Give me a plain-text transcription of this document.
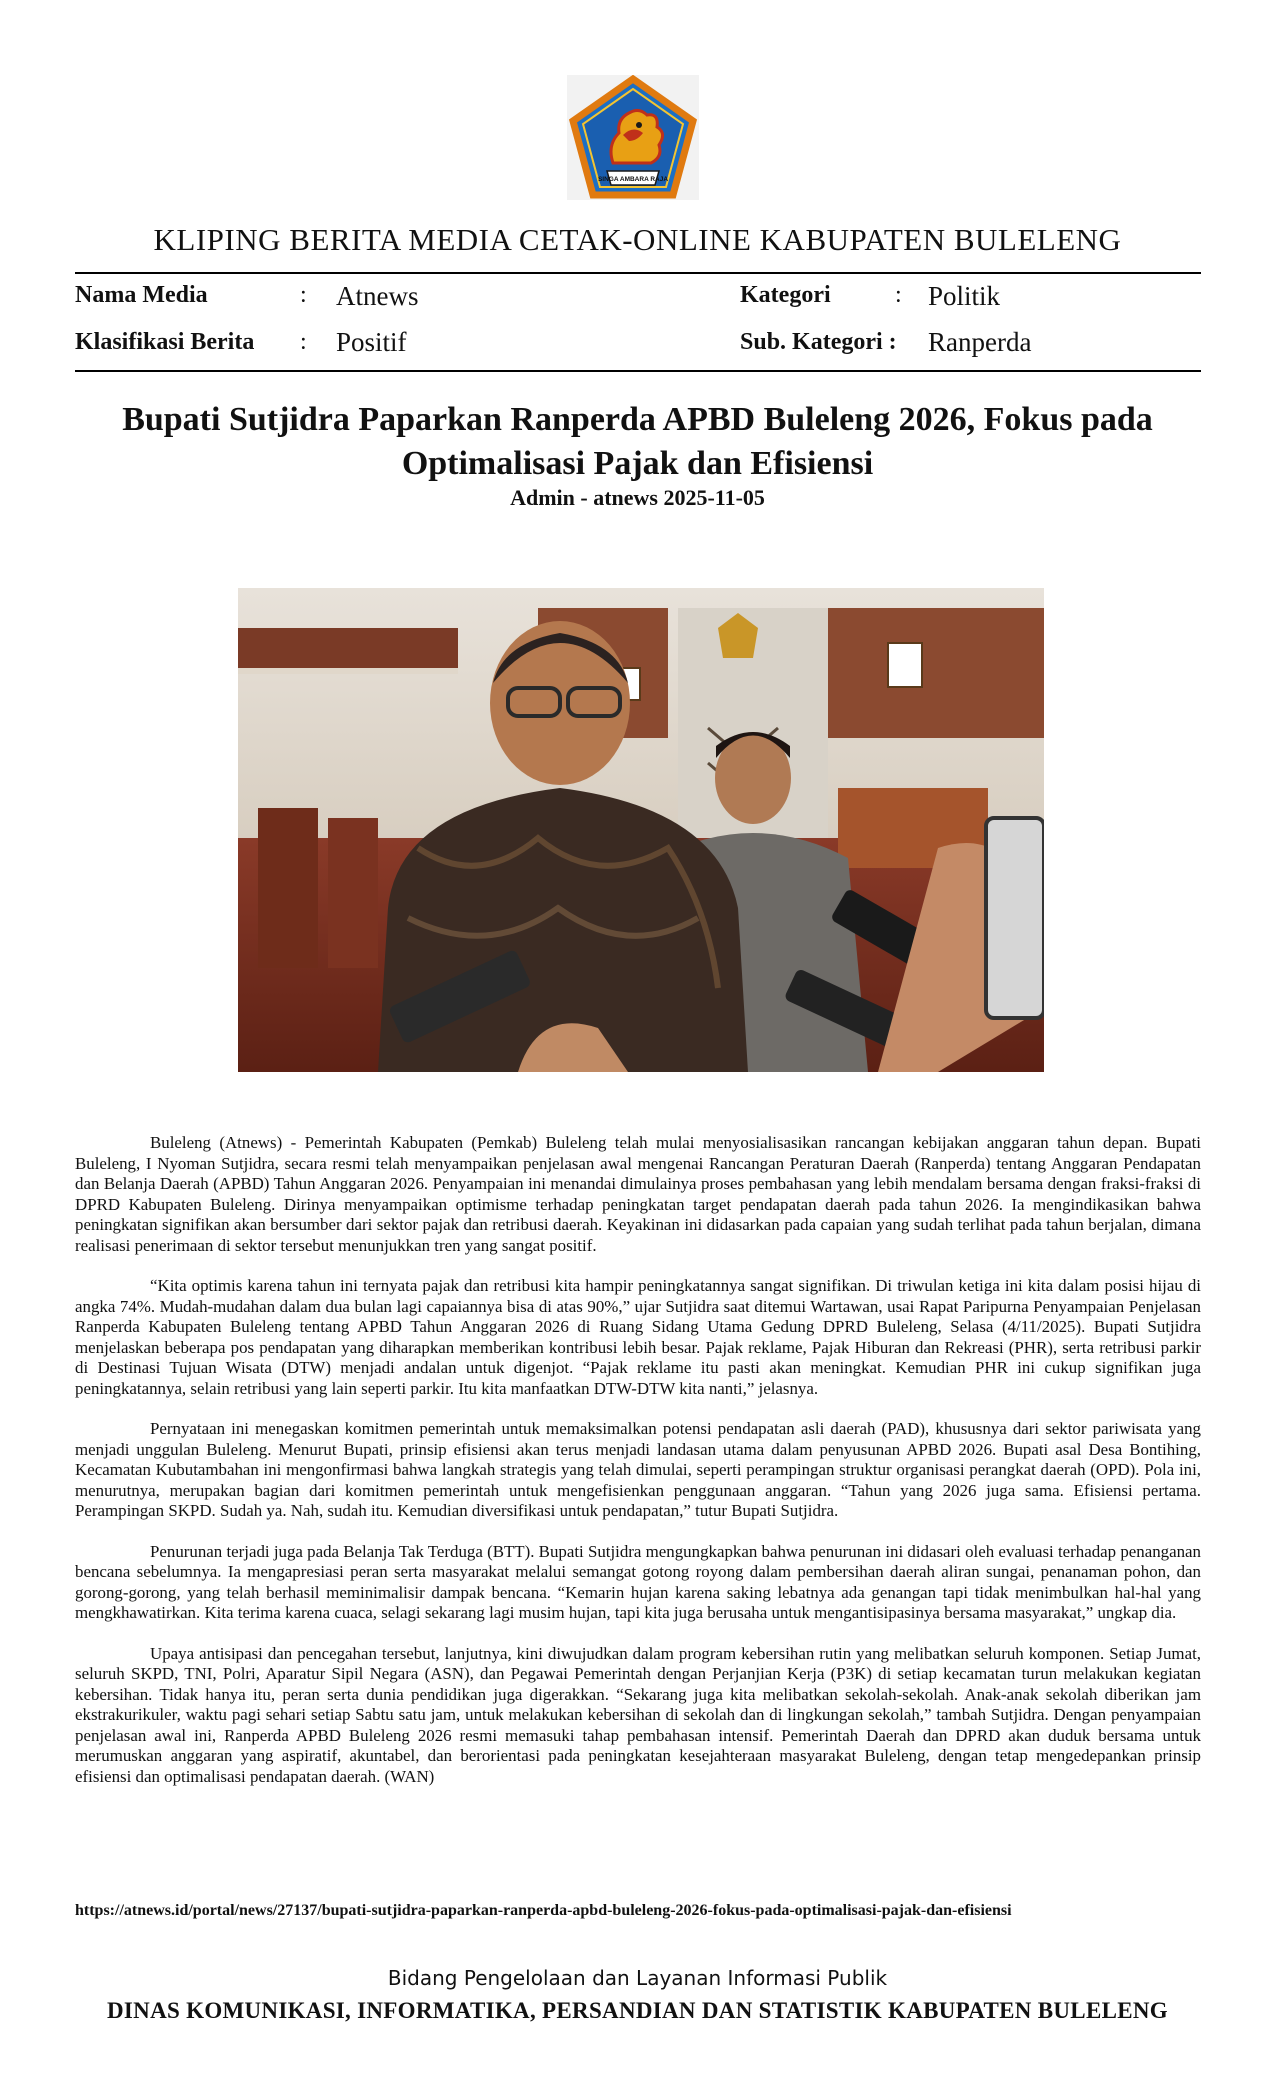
SINGA AMBARA RAJA
KLIPING BERITA MEDIA CETAK-ONLINE KABUPATEN BULELENG
Nama Media	: Atnews	Kategori	: Politik
Klasifikasi Berita : Positif	Sub. Kategori : Ranperda
Bupati Sutjidra Paparkan Ranperda APBD Buleleng 2026, Fokus pada
Optimalisasi Pajak dan Efisiensi
Admin - atnews 2025-11-05

Buleleng (Atnews) - Pemerintah Kabupaten (Pemkab) Buleleng telah mulai menyosialisasikan rancangan kebijakan anggaran tahun depan. Bupati Buleleng, I Nyoman Sutjidra, secara resmi telah menyampaikan penjelasan awal mengenai Rancangan Peraturan Daerah (Ranperda) tentang Anggaran Pendapatan dan Belanja Daerah (APBD) Tahun Anggaran 2026. Penyampaian ini menandai dimulainya proses pembahasan yang lebih mendalam bersama dengan fraksi-fraksi di DPRD Kabupaten Buleleng. Dirinya menyampaikan optimisme terhadap peningkatan target pendapatan daerah pada tahun 2026. Ia mengindikasikan bahwa peningkatan signifikan akan bersumber dari sektor pajak dan retribusi daerah. Keyakinan ini didasarkan pada capaian yang sudah terlihat pada tahun berjalan, dimana realisasi penerimaan di sektor tersebut menunjukkan tren yang sangat positif.

“Kita optimis karena tahun ini ternyata pajak dan retribusi kita hampir peningkatannya sangat signifikan. Di triwulan ketiga ini kita dalam posisi hijau di angka 74%. Mudah-mudahan dalam dua bulan lagi capaiannya bisa di atas 90%,” ujar Sutjidra saat ditemui Wartawan, usai Rapat Paripurna Penyampaian Penjelasan Ranperda Kabupaten Buleleng tentang APBD Tahun Anggaran 2026 di Ruang Sidang Utama Gedung DPRD Buleleng, Selasa (4/11/2025). Bupati Sutjidra menjelaskan beberapa pos pendapatan yang diharapkan memberikan kontribusi lebih besar. Pajak reklame, Pajak Hiburan dan Rekreasi (PHR), serta retribusi parkir di Destinasi Tujuan Wisata (DTW) menjadi andalan untuk digenjot. “Pajak reklame itu pasti akan meningkat. Kemudian PHR ini cukup signifikan juga peningkatannya, selain retribusi yang lain seperti parkir. Itu kita manfaatkan DTW-DTW kita nanti,” jelasnya.

Pernyataan ini menegaskan komitmen pemerintah untuk memaksimalkan potensi pendapatan asli daerah (PAD), khususnya dari sektor pariwisata yang menjadi unggulan Buleleng. Menurut Bupati, prinsip efisiensi akan terus menjadi landasan utama dalam penyusunan APBD 2026. Bupati asal Desa Bontihing, Kecamatan Kubutambahan ini mengonfirmasi bahwa langkah strategis yang telah dimulai, seperti perampingan struktur organisasi perangkat daerah (OPD). Pola ini, menurutnya, merupakan bagian dari komitmen pemerintah untuk mengefisienkan penggunaan anggaran. “Tahun yang 2026 juga sama. Efisiensi pertama. Perampingan SKPD. Sudah ya. Nah, sudah itu. Kemudian diversifikasi untuk pendapatan,” tutur Bupati Sutjidra.

Penurunan terjadi juga pada Belanja Tak Terduga (BTT). Bupati Sutjidra mengungkapkan bahwa penurunan ini didasari oleh evaluasi terhadap penanganan bencana sebelumnya. Ia mengapresiasi peran serta masyarakat melalui semangat gotong royong dalam pembersihan daerah aliran sungai, penanaman pohon, dan gorong-gorong, yang telah berhasil meminimalisir dampak bencana. “Kemarin hujan karena saking lebatnya ada genangan tapi tidak menimbulkan hal-hal yang mengkhawatirkan. Kita terima karena cuaca, selagi sekarang lagi musim hujan, tapi kita juga berusaha untuk mengantisipasinya bersama masyarakat,” ungkap dia.

Upaya antisipasi dan pencegahan tersebut, lanjutnya, kini diwujudkan dalam program kebersihan rutin yang melibatkan seluruh komponen. Setiap Jumat, seluruh SKPD, TNI, Polri, Aparatur Sipil Negara (ASN), dan Pegawai Pemerintah dengan Perjanjian Kerja (P3K) di setiap kecamatan turun melakukan kegiatan kebersihan. Tidak hanya itu, peran serta dunia pendidikan juga digerakkan. “Sekarang juga kita melibatkan sekolah-sekolah. Anak-anak sekolah diberikan jam ekstrakurikuler, waktu pagi sehari setiap Sabtu satu jam, untuk melakukan kebersihan di sekolah dan di lingkungan sekolah,” tambah Sutjidra. Dengan penyampaian penjelasan awal ini, Ranperda APBD Buleleng 2026 resmi memasuki tahap pembahasan intensif. Pemerintah Daerah dan DPRD akan duduk bersama untuk merumuskan anggaran yang aspiratif, akuntabel, dan berorientasi pada peningkatan kesejahteraan masyarakat Buleleng, dengan tetap mengedepankan prinsip efisiensi dan optimalisasi pendapatan daerah. (WAN)

https://atnews.id/portal/news/27137/bupati-sutjidra-paparkan-ranperda-apbd-buleleng-2026-fokus-pada-optimalisasi-pajak-dan-efisiensi
Bidang Pengelolaan dan Layanan Informasi Publik
DINAS KOMUNIKASI, INFORMATIKA, PERSANDIAN DAN STATISTIK KABUPATEN BULELENG
